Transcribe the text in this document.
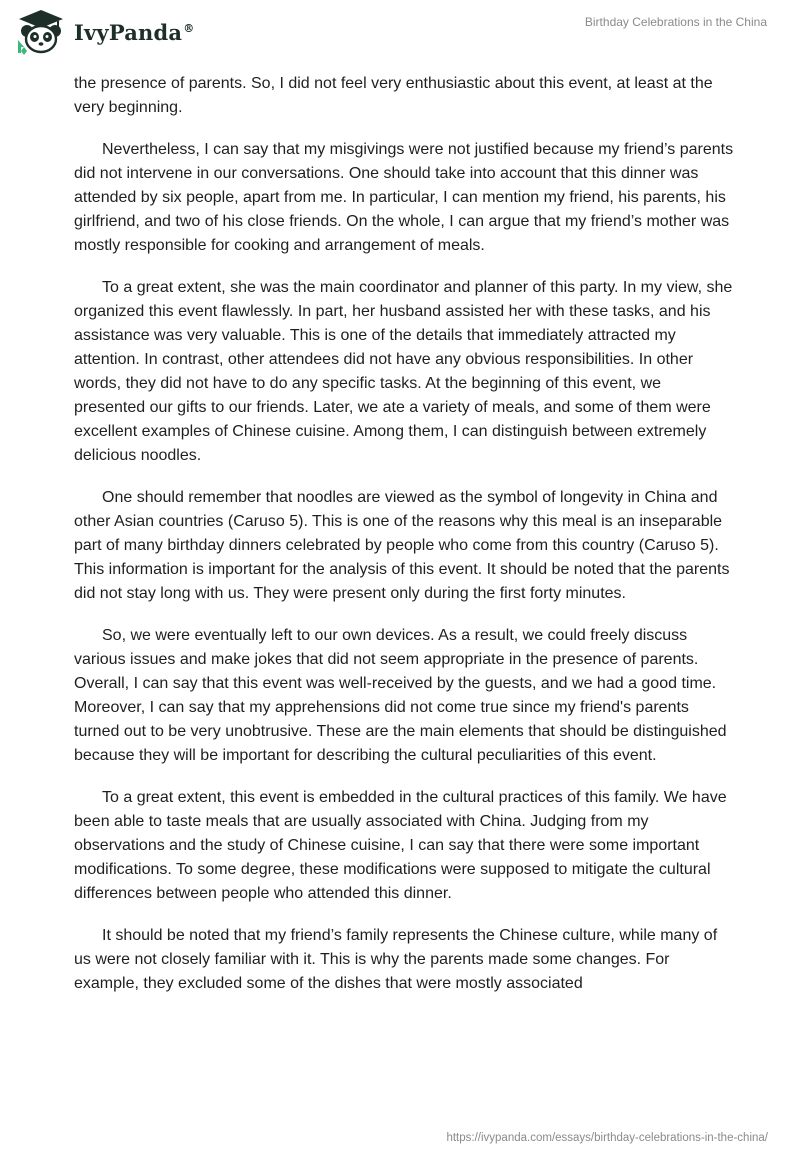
IvyPanda®	Birthday Celebrations in the China

the presence of parents. So, I did not feel very enthusiastic about this event, at least at the very beginning.

Nevertheless, I can say that my misgivings were not justified because my friend’s parents did not intervene in our conversations. One should take into account that this dinner was attended by six people, apart from me. In particular, I can mention my friend, his parents, his girlfriend, and two of his close friends. On the whole, I can argue that my friend’s mother was mostly responsible for cooking and arrangement of meals.

To a great extent, she was the main coordinator and planner of this party. In my view, she organized this event flawlessly. In part, her husband assisted her with these tasks, and his assistance was very valuable. This is one of the details that immediately attracted my attention. In contrast, other attendees did not have any obvious responsibilities. In other words, they did not have to do any specific tasks. At the beginning of this event, we presented our gifts to our friends. Later, we ate a variety of meals, and some of them were excellent examples of Chinese cuisine. Among them, I can distinguish between extremely delicious noodles.

One should remember that noodles are viewed as the symbol of longevity in China and other Asian countries (Caruso 5). This is one of the reasons why this meal is an inseparable part of many birthday dinners celebrated by people who come from this country (Caruso 5). This information is important for the analysis of this event. It should be noted that the parents did not stay long with us. They were present only during the first forty minutes.

So, we were eventually left to our own devices. As a result, we could freely discuss various issues and make jokes that did not seem appropriate in the presence of parents. Overall, I can say that this event was well-received by the guests, and we had a good time. Moreover, I can say that my apprehensions did not come true since my friend's parents turned out to be very unobtrusive. These are the main elements that should be distinguished because they will be important for describing the cultural peculiarities of this event.

To a great extent, this event is embedded in the cultural practices of this family. We have been able to taste meals that are usually associated with China. Judging from my observations and the study of Chinese cuisine, I can say that there were some important modifications. To some degree, these modifications were supposed to mitigate the cultural differences between people who attended this dinner.

It should be noted that my friend’s family represents the Chinese culture, while many of us were not closely familiar with it. This is why the parents made some changes. For example, they excluded some of the dishes that were mostly associated

https://ivypanda.com/essays/birthday-celebrations-in-the-china/
